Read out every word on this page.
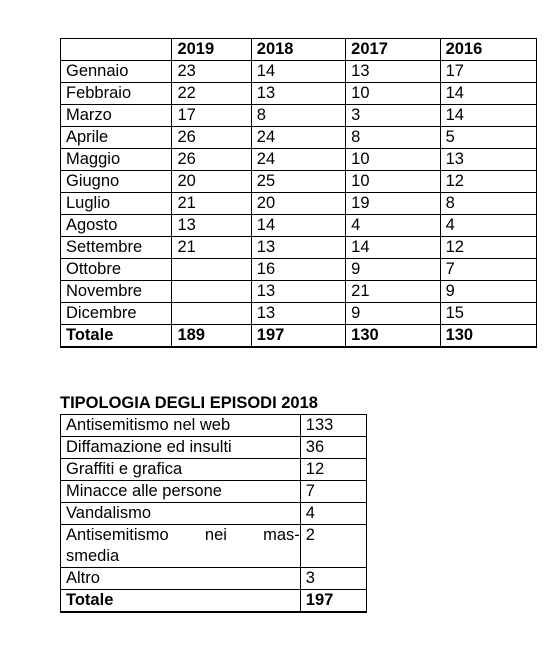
	2019	2018	2017	2016
Gennaio	23	14	13	17
Febbraio	22	13	10	14
Marzo	17	8	3	14
Aprile	26	24	8	5
Maggio	26	24	10	13
Giugno	20	25	10	12
Luglio	21	20	19	8
Agosto	13	14	4	4
Settembre	21	13	14	12
Ottobre		16	9	7
Novembre		13	21	9
Dicembre		13	9	15
Totale	189	197	130	130
TIPOLOGIA DEGLI EPISODI 2018
Antisemitismo nel web	133
Diffamazione ed insulti	36
Graffiti e grafica	12
Minacce alle persone	7
Vandalismo	4

Antisemitismo nei mas-
smedia	2
Altro	3
Totale	197
